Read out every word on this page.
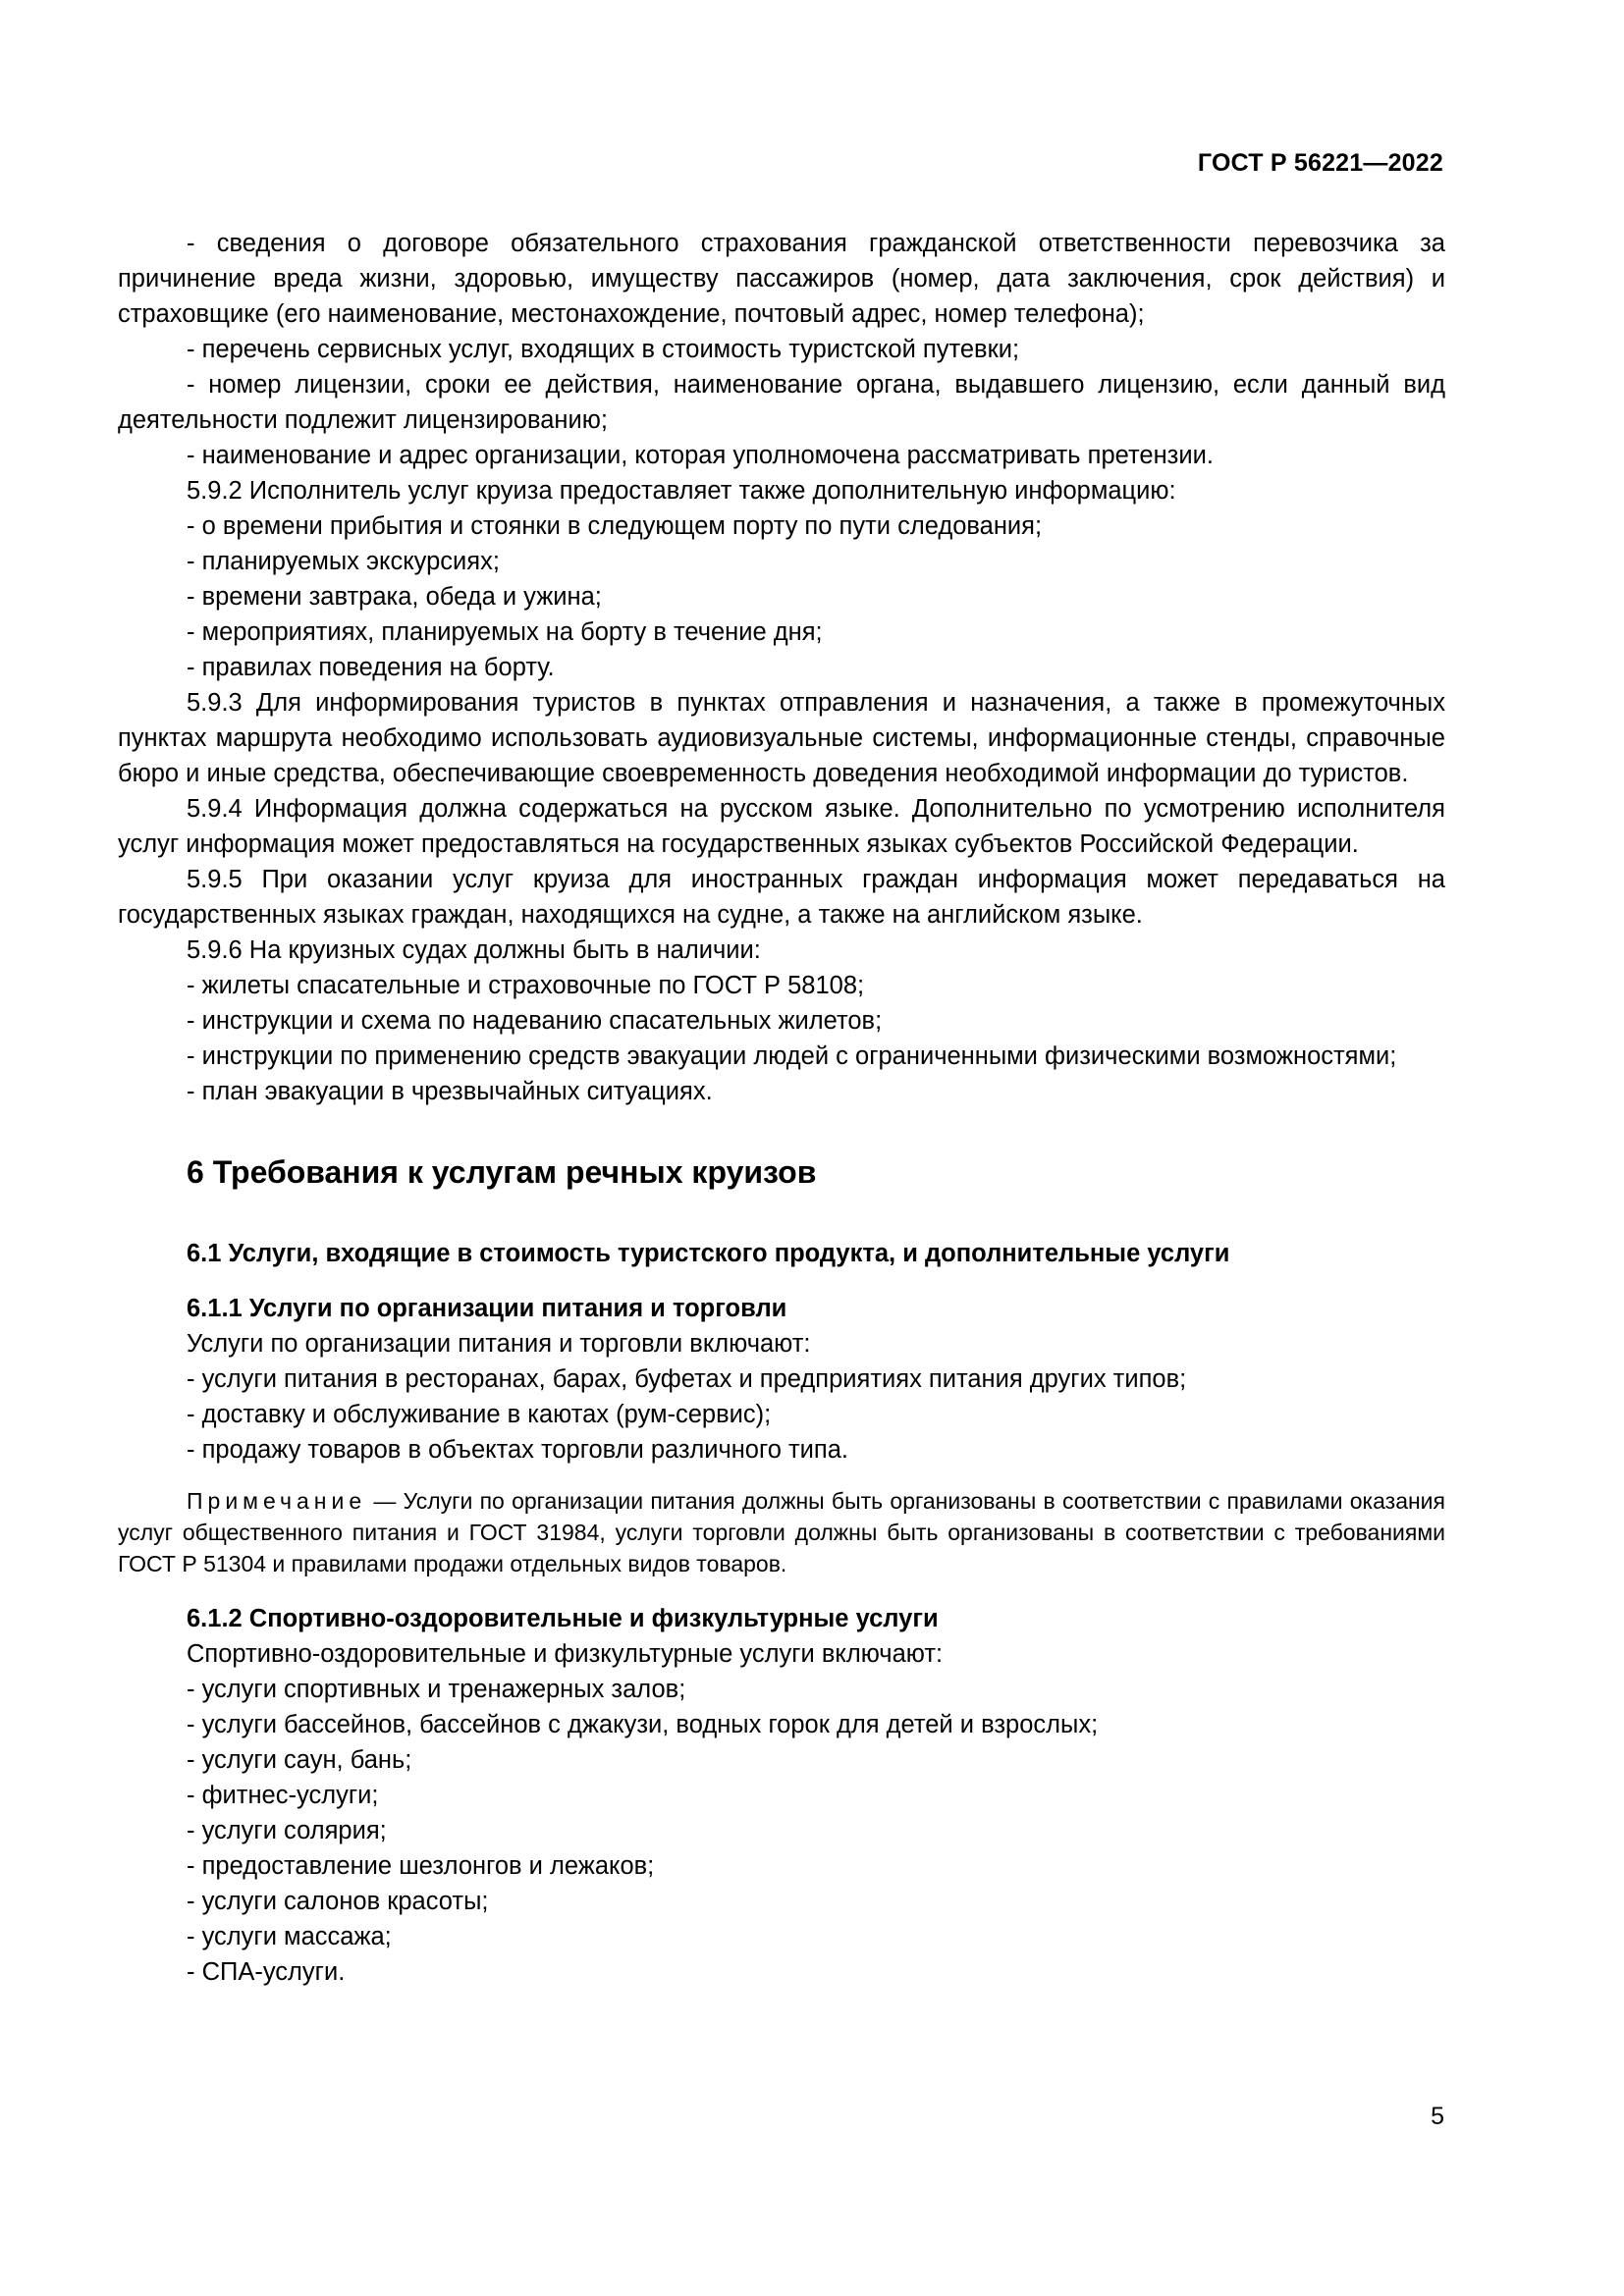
ГОСТ Р 56221—2022

- сведения о договоре обязательного страхования гражданской ответственности перевозчика за причинение вреда жизни, здоровью, имуществу пассажиров (номер, дата заключения, срок действия) и страховщике (его наименование, местонахождение, почтовый адрес, номер телефона);

- перечень сервисных услуг, входящих в стоимость туристской путевки;

- номер лицензии, сроки ее действия, наименование органа, выдавшего лицензию, если данный вид деятельности подлежит лицензированию;

- наименование и адрес организации, которая уполномочена рассматривать претензии.

5.9.2 Исполнитель услуг круиза предоставляет также дополнительную информацию:

- о времени прибытия и стоянки в следующем порту по пути следования;

- планируемых экскурсиях;

- времени завтрака, обеда и ужина;

- мероприятиях, планируемых на борту в течение дня;

- правилах поведения на борту.

5.9.3 Для информирования туристов в пунктах отправления и назначения, а также в промежуточных пунктах маршрута необходимо использовать аудиовизуальные системы, информационные стенды, справочные бюро и иные средства, обеспечивающие своевременность доведения необходимой информации до туристов.

5.9.4 Информация должна содержаться на русском языке. Дополнительно по усмотрению исполнителя услуг информация может предоставляться на государственных языках субъектов Российской Федерации.

5.9.5 При оказании услуг круиза для иностранных граждан информация может передаваться на государственных языках граждан, находящихся на судне, а также на английском языке.

5.9.6 На круизных судах должны быть в наличии:

- жилеты спасательные и страховочные по ГОСТ Р 58108;

- инструкции и схема по надеванию спасательных жилетов;

- инструкции по применению средств эвакуации людей с ограниченными физическими возможностями;

- план эвакуации в чрезвычайных ситуациях.

6 Требования к услугам речных круизов
6.1 Услуги, входящие в стоимость туристского продукта, и дополнительные услуги
6.1.1 Услуги по организации питания и торговли

Услуги по организации питания и торговли включают:

- услуги питания в ресторанах, барах, буфетах и предприятиях питания других типов;

- доставку и обслуживание в каютах (рум-сервис);

- продажу товаров в объектах торговли различного типа.

Примечание — Услуги по организации питания должны быть организованы в соответствии с правилами оказания услуг общественного питания и ГОСТ 31984, услуги торговли должны быть организованы в соответствии с требованиями ГОСТ Р 51304 и правилами продажи отдельных видов товаров.

6.1.2 Спортивно-оздоровительные и физкультурные услуги

Спортивно-оздоровительные и физкультурные услуги включают:

- услуги спортивных и тренажерных залов;

- услуги бассейнов, бассейнов с джакузи, водных горок для детей и взрослых;

- услуги саун, бань;

- фитнес-услуги;

- услуги солярия;

- предоставление шезлонгов и лежаков;

- услуги салонов красоты;

- услуги массажа;

- СПА-услуги.

5
